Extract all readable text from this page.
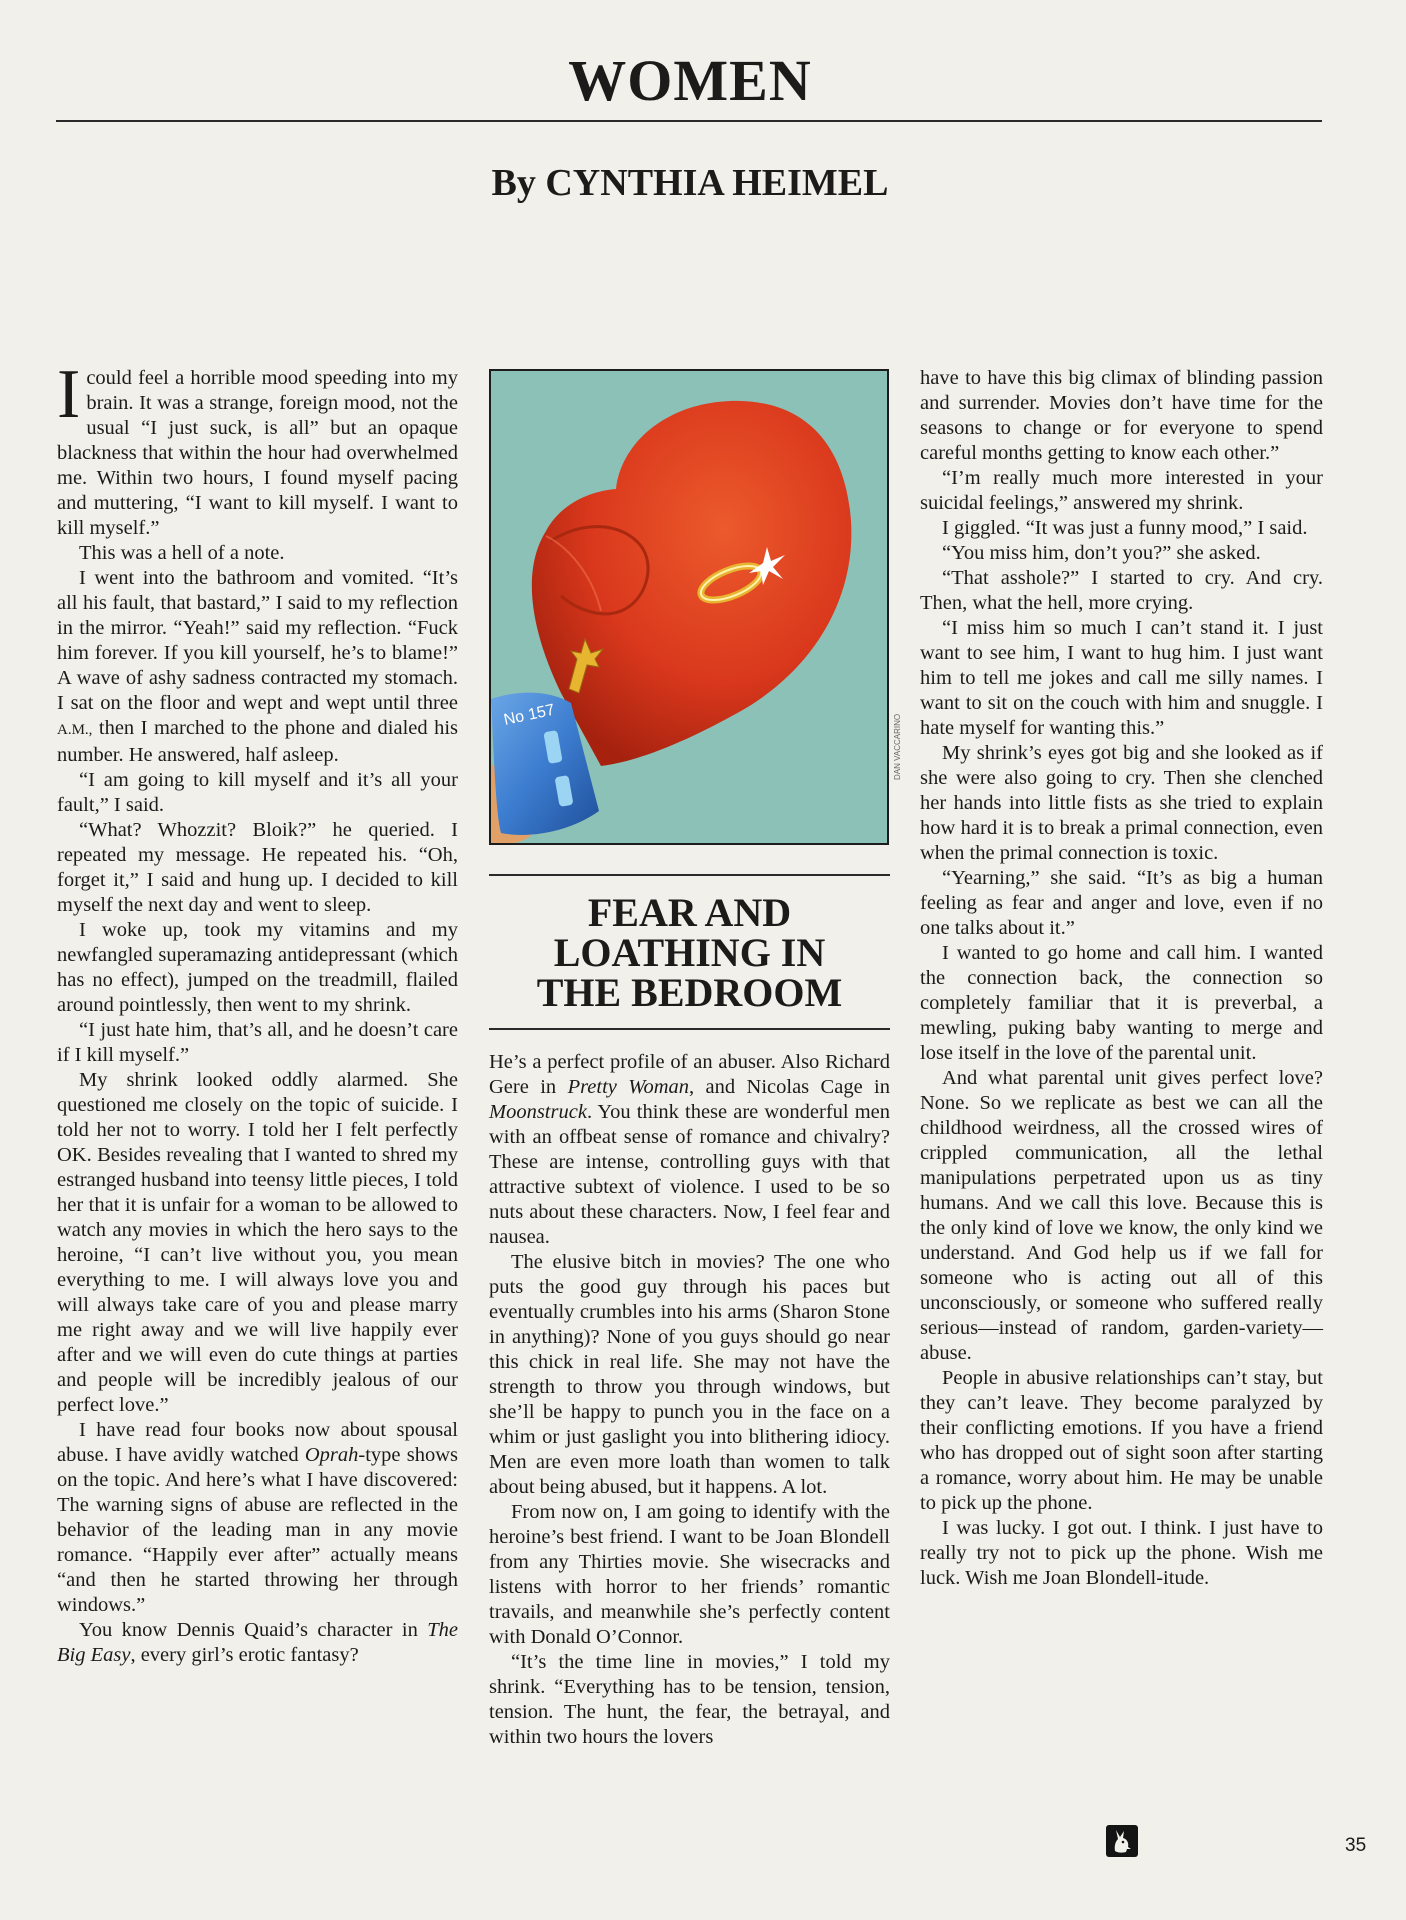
WOMEN
By CYNTHIA HEIMEL

I could feel a horrible mood speeding into my brain. It was a strange, foreign mood, not the usual “I just suck, is all” but an opaque blackness that within the hour had overwhelmed me. Within two hours, I found myself pacing and muttering, “I want to kill myself. I want to kill myself.”

This was a hell of a note.

I went into the bathroom and vomited. “It’s all his fault, that bastard,” I said to my reflection in the mirror. “Yeah!” said my reflection. “Fuck him forever. If you kill yourself, he’s to blame!” A wave of ashy sadness contracted my stomach. I sat on the floor and wept and wept until three A.M., then I marched to the phone and dialed his number. He answered, half asleep.

“I am going to kill myself and it’s all your fault,” I said.

“What? Whozzit? Bloik?” he queried. I repeated my message. He repeated his. “Oh, forget it,” I said and hung up. I decided to kill myself the next day and went to sleep.

I woke up, took my vitamins and my newfangled superamazing antidepressant (which has no effect), jumped on the treadmill, flailed around pointlessly, then went to my shrink.

“I just hate him, that’s all, and he doesn’t care if I kill myself.”

My shrink looked oddly alarmed. She questioned me closely on the topic of suicide. I told her not to worry. I told her I felt perfectly OK. Besides revealing that I wanted to shred my estranged husband into teensy little pieces, I told her that it is unfair for a woman to be allowed to watch any movies in which the hero says to the heroine, “I can’t live without you, you mean everything to me. I will always love you and will always take care of you and please marry me right away and we will live happily ever after and we will even do cute things at parties and people will be incredibly jealous of our perfect love.”

I have read four books now about spousal abuse. I have avidly watched Oprah-type shows on the topic. And here’s what I have discovered: The warning signs of abuse are reflected in the behavior of the leading man in any movie romance. “Happily ever after” actually means “and then he started throwing her through windows.”

You know Dennis Quaid’s character in The Big Easy, every girl’s erotic fantasy?

No 157	DAN VACCARINO
FEAR AND
LOATHING IN
THE BEDROOM

He’s a perfect profile of an abuser. Also Richard Gere in Pretty Woman, and Nicolas Cage in Moonstruck. You think these are wonderful men with an offbeat sense of romance and chivalry? These are intense, controlling guys with that attractive subtext of violence. I used to be so nuts about these characters. Now, I feel fear and nausea.

The elusive bitch in movies? The one who puts the good guy through his paces but eventually crumbles into his arms (Sharon Stone in anything)? None of you guys should go near this chick in real life. She may not have the strength to throw you through windows, but she’ll be happy to punch you in the face on a whim or just gaslight you into blithering idiocy. Men are even more loath than women to talk about being abused, but it happens. A lot.

From now on, I am going to identify with the heroine’s best friend. I want to be Joan Blondell from any Thirties movie. She wisecracks and listens with horror to her friends’ romantic travails, and meanwhile she’s perfectly content with Donald O’Connor.

“It’s the time line in movies,” I told my shrink. “Everything has to be tension, tension, tension. The hunt, the fear, the betrayal, and within two hours the lovers

have to have this big climax of blinding passion and surrender. Movies don’t have time for the seasons to change or for everyone to spend careful months getting to know each other.”

“I’m really much more interested in your suicidal feelings,” answered my shrink.

I giggled. “It was just a funny mood,” I said.

“You miss him, don’t you?” she asked.

“That asshole?” I started to cry. And cry. Then, what the hell, more crying.

“I miss him so much I can’t stand it. I just want to see him, I want to hug him. I just want him to tell me jokes and call me silly names. I want to sit on the couch with him and snuggle. I hate myself for wanting this.”

My shrink’s eyes got big and she looked as if she were also going to cry. Then she clenched her hands into little fists as she tried to explain how hard it is to break a primal connection, even when the primal connection is toxic.

“Yearning,” she said. “It’s as big a human feeling as fear and anger and love, even if no one talks about it.”

I wanted to go home and call him. I wanted the connection back, the connection so completely familiar that it is preverbal, a mewling, puking baby wanting to merge and lose itself in the love of the parental unit.

And what parental unit gives perfect love? None. So we replicate as best we can all the childhood weirdness, all the crossed wires of crippled communication, all the lethal manipulations perpetrated upon us as tiny humans. And we call this love. Because this is the only kind of love we know, the only kind we understand. And God help us if we fall for someone who is acting out all of this unconsciously, or someone who suffered really serious—instead of random, garden-variety—abuse.

People in abusive relationships can’t stay, but they can’t leave. They become paralyzed by their conflicting emotions. If you have a friend who has dropped out of sight soon after starting a romance, worry about him. He may be unable to pick up the phone.

I was lucky. I got out. I think. I just have to really try not to pick up the phone. Wish me luck. Wish me Joan Blondell-itude.

35
